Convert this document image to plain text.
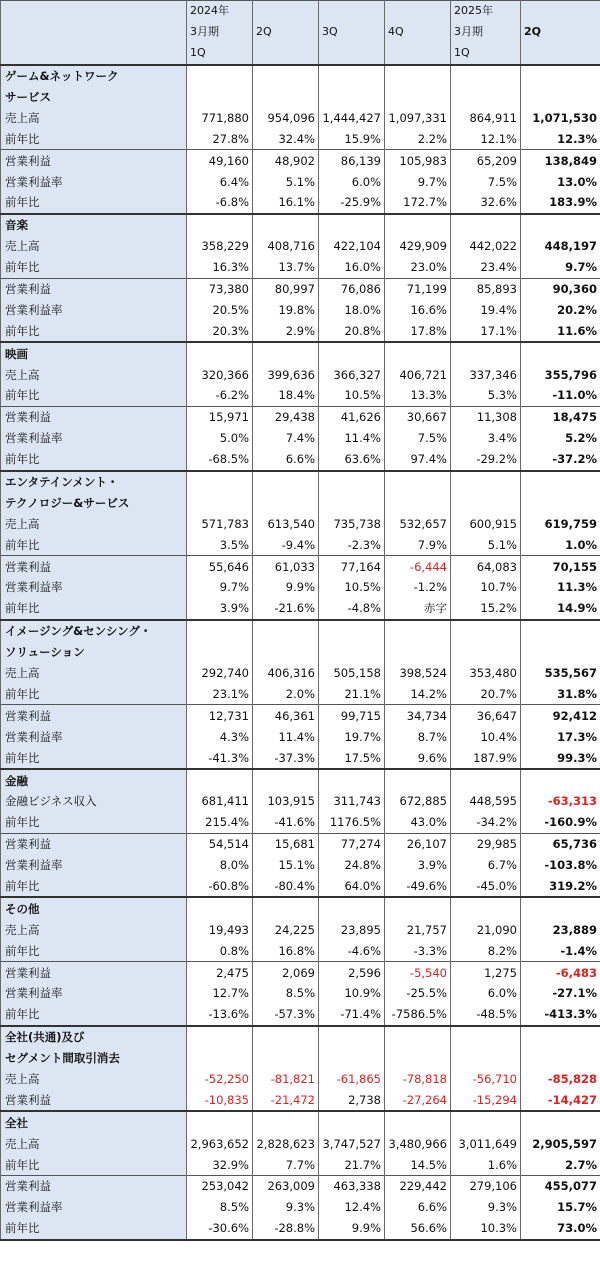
	2024年				2025年	
	3月期	2Q	3Q	4Q	3月期	2Q
	1Q				1Q	
ゲーム&ネットワーク						
サービス						
売上高	771,880	954,096	1,444,427	1,097,331	864,911	1,071,530
前年比	27.8%	32.4%	15.9%	2.2%	12.1%	12.3%
営業利益	49,160	48,902	86,139	105,983	65,209	138,849
営業利益率	6.4%	5.1%	6.0%	9.7%	7.5%	13.0%
前年比	-6.8%	16.1%	-25.9%	172.7%	32.6%	183.9%
音楽						
売上高	358,229	408,716	422,104	429,909	442,022	448,197
前年比	16.3%	13.7%	16.0%	23.0%	23.4%	9.7%
営業利益	73,380	80,997	76,086	71,199	85,893	90,360
営業利益率	20.5%	19.8%	18.0%	16.6%	19.4%	20.2%
前年比	20.3%	2.9%	20.8%	17.8%	17.1%	11.6%
映画						
売上高	320,366	399,636	366,327	406,721	337,346	355,796
前年比	-6.2%	18.4%	10.5%	13.3%	5.3%	-11.0%
営業利益	15,971	29,438	41,626	30,667	11,308	18,475
営業利益率	5.0%	7.4%	11.4%	7.5%	3.4%	5.2%
前年比	-68.5%	6.6%	63.6%	97.4%	-29.2%	-37.2%
エンタテインメント・						
テクノロジー&サービス						
売上高	571,783	613,540	735,738	532,657	600,915	619,759
前年比	3.5%	-9.4%	-2.3%	7.9%	5.1%	1.0%
営業利益	55,646	61,033	77,164	-6,444	64,083	70,155
営業利益率	9.7%	9.9%	10.5%	-1.2%	10.7%	11.3%
前年比	3.9%	-21.6%	-4.8%	赤字	15.2%	14.9%
イメージング&センシング・						
ソリューション						
売上高	292,740	406,316	505,158	398,524	353,480	535,567
前年比	23.1%	2.0%	21.1%	14.2%	20.7%	31.8%
営業利益	12,731	46,361	99,715	34,734	36,647	92,412
営業利益率	4.3%	11.4%	19.7%	8.7%	10.4%	17.3%
前年比	-41.3%	-37.3%	17.5%	9.6%	187.9%	99.3%
金融						
金融ビジネス収入	681,411	103,915	311,743	672,885	448,595	-63,313
前年比	215.4%	-41.6%	1176.5%	43.0%	-34.2%	-160.9%
営業利益	54,514	15,681	77,274	26,107	29,985	65,736
営業利益率	8.0%	15.1%	24.8%	3.9%	6.7%	-103.8%
前年比	-60.8%	-80.4%	64.0%	-49.6%	-45.0%	319.2%
その他						
売上高	19,493	24,225	23,895	21,757	21,090	23,889
前年比	0.8%	16.8%	-4.6%	-3.3%	8.2%	-1.4%
営業利益	2,475	2,069	2,596	-5,540	1,275	-6,483
営業利益率	12.7%	8.5%	10.9%	-25.5%	6.0%	-27.1%
前年比	-13.6%	-57.3%	-71.4%	-7586.5%	-48.5%	-413.3%
全社(共通)及び						
セグメント間取引消去						
売上高	-52,250	-81,821	-61,865	-78,818	-56,710	-85,828
営業利益	-10,835	-21,472	2,738	-27,264	-15,294	-14,427
全社						
売上高	2,963,652	2,828,623	3,747,527	3,480,966	3,011,649	2,905,597
前年比	32.9%	7.7%	21.7%	14.5%	1.6%	2.7%
営業利益	253,042	263,009	463,338	229,442	279,106	455,077
営業利益率	8.5%	9.3%	12.4%	6.6%	9.3%	15.7%
前年比	-30.6%	-28.8%	9.9%	56.6%	10.3%	73.0%
